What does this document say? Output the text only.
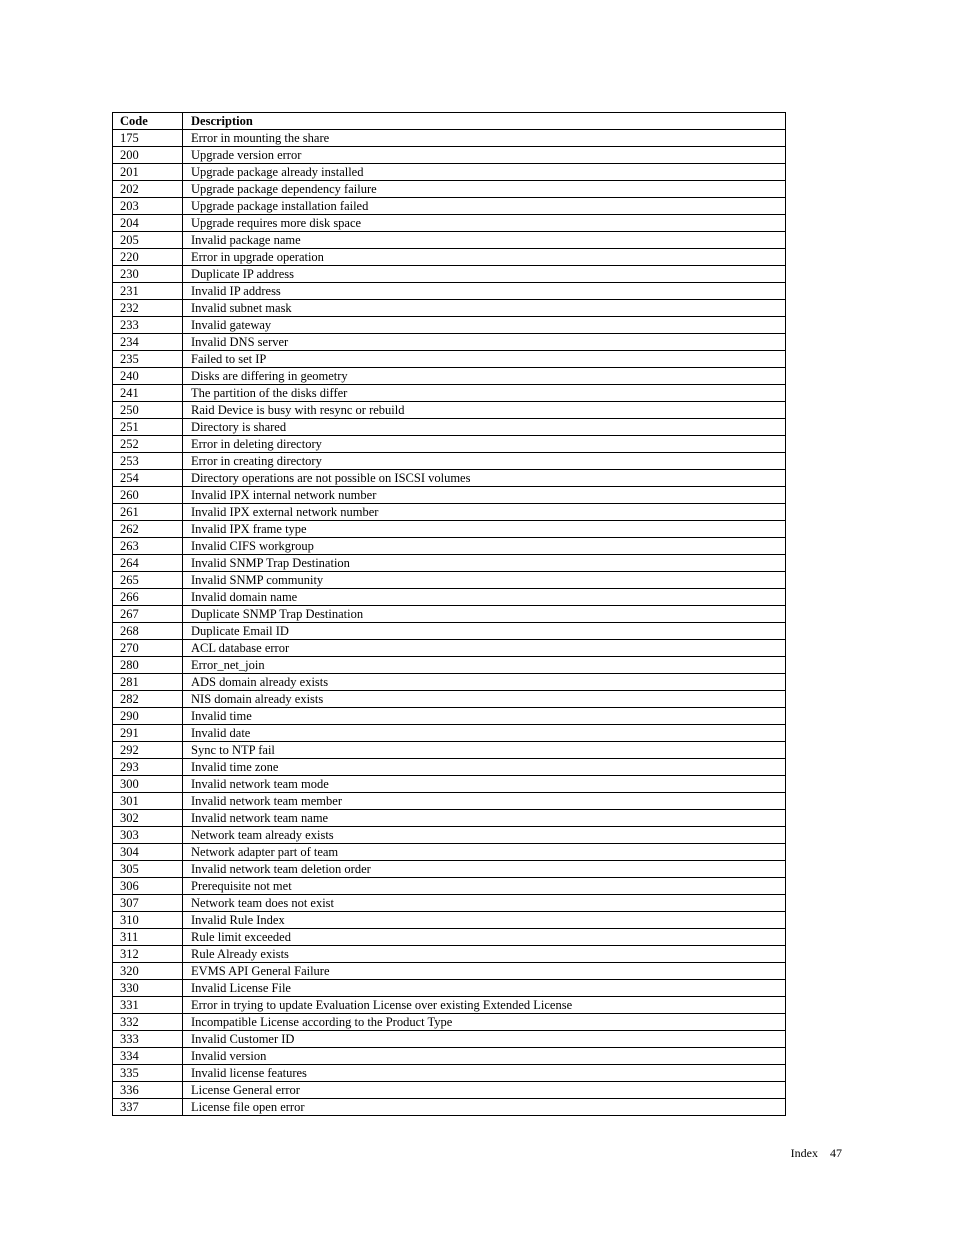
Code	Description
175	Error in mounting the share
200	Upgrade version error
201	Upgrade package already installed
202	Upgrade package dependency failure
203	Upgrade package installation failed
204	Upgrade requires more disk space
205	Invalid package name
220	Error in upgrade operation
230	Duplicate IP address
231	Invalid IP address
232	Invalid subnet mask
233	Invalid gateway
234	Invalid DNS server
235	Failed to set IP
240	Disks are differing in geometry
241	The partition of the disks differ
250	Raid Device is busy with resync or rebuild
251	Directory is shared
252	Error in deleting directory
253	Error in creating directory
254	Directory operations are not possible on ISCSI volumes
260	Invalid IPX internal network number
261	Invalid IPX external network number
262	Invalid IPX frame type
263	Invalid CIFS workgroup
264	Invalid SNMP Trap Destination
265	Invalid SNMP community
266	Invalid domain name
267	Duplicate SNMP Trap Destination
268	Duplicate Email ID
270	ACL database error
280	Error_net_join
281	ADS domain already exists
282	NIS domain already exists
290	Invalid time
291	Invalid date
292	Sync to NTP fail
293	Invalid time zone
300	Invalid network team mode
301	Invalid network team member
302	Invalid network team name
303	Network team already exists
304	Network adapter part of team
305	Invalid network team deletion order
306	Prerequisite not met
307	Network team does not exist
310	Invalid Rule Index
311	Rule limit exceeded
312	Rule Already exists
320	EVMS API General Failure
330	Invalid License File
331	Error in trying to update Evaluation License over existing Extended License
332	Incompatible License according to the Product Type
333	Invalid Customer ID
334	Invalid version
335	Invalid license features
336	License General error
337	License file open error
Index 47
